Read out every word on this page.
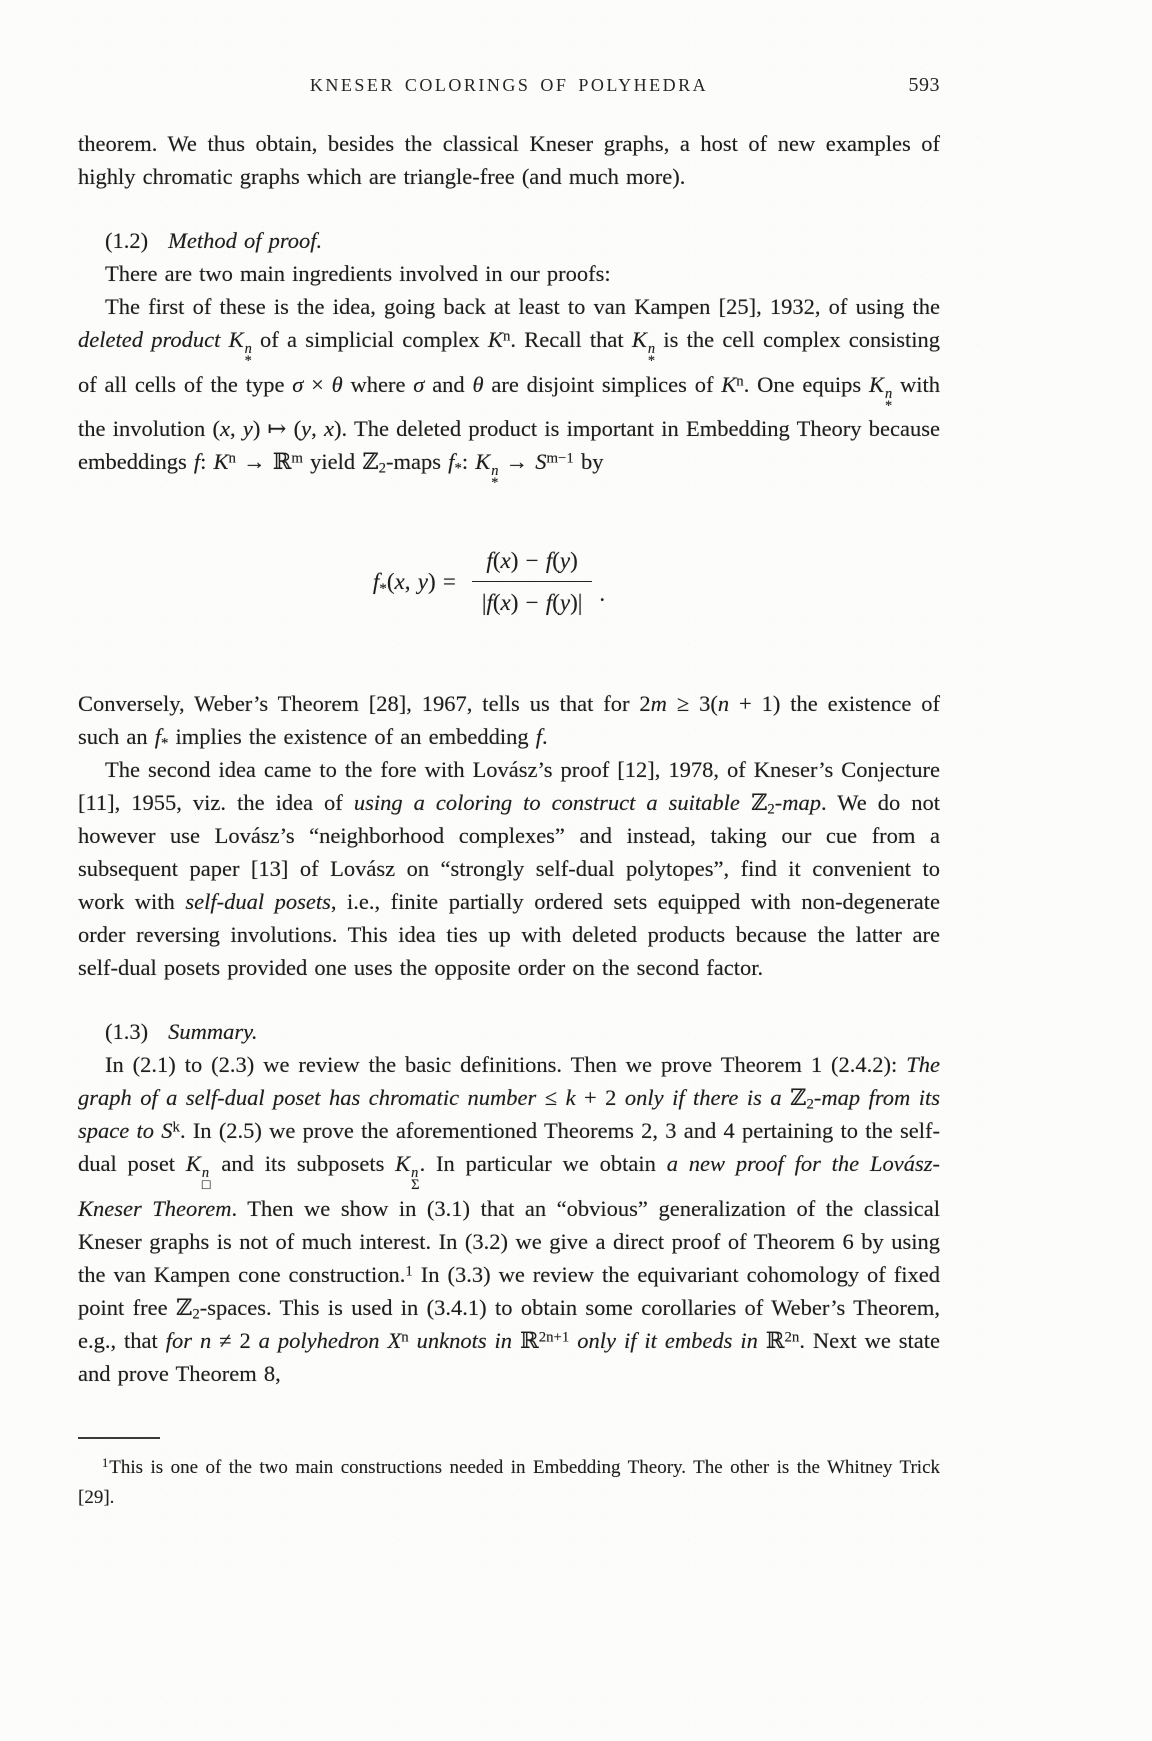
KNESER COLORINGS OF POLYHEDRA	593

theorem. We thus obtain, besides the classical Kneser graphs, a host of new examples of highly chromatic graphs which are triangle-free (and much more).

(1.2) Method of proof.

There are two main ingredients involved in our proofs:

The first of these is the idea, going back at least to van Kampen [25], 1932, of using the deleted product K n
*
of a simplicial complex $K^n$. Recall that K n
*
is the cell complex consisting of all cells of the type σ × θ where σ and θ are disjoint simplices of $K^n$. One equips K n
*
with the involution (x, y) ↦ (y, x). The deleted product is important in Embedding Theory because embeddings f: $K^n$ → ℝ$^m$ yield ℤ$_2$-maps $f_*$: K n
*
→ $S^{m-1}$ by

$f_*(x$, $y) = \frac{f(x) - f(y)}{|f(x) - f(y)|}$ .

Conversely, Weber’s Theorem [28], 1967, tells us that for 2m ≥ 3(n + 1) the existence of such an $f_*$ implies the existence of an embedding f.

The second idea came to the fore with Lovász’s proof [12], 1978, of Kneser’s Conjecture [11], 1955, viz. the idea of using a coloring to construct a suitable ℤ$_2$-map. We do not however use Lovász’s “neighborhood complexes” and instead, taking our cue from a subsequent paper [13] of Lovász on “strongly self-dual polytopes”, find it convenient to work with self-dual posets, i.e., finite partially ordered sets equipped with non-degenerate order reversing involutions. This idea ties up with deleted products because the latter are self-dual posets provided one uses the opposite order on the second factor.

(1.3) Summary.

In (2.1) to (2.3) we review the basic definitions. Then we prove Theorem 1 (2.4.2): The graph of a self-dual poset has chromatic number ≤ k + 2 only if there is a ℤ$_2$-map from its space to $S^k$. In (2.5) we prove the aforementioned Theorems 2, 3 and 4 pertaining to the self-dual poset K n
□
and its subposets K n
Σ
. In particular we obtain a new proof for the Lovász-Kneser Theorem. Then we show in (3.1) that an “obvious” generalization of the classical Kneser graphs is not of much interest. In (3.2) we give a direct proof of Theorem 6 by using the van Kampen cone construction.$^1$ In (3.3) we review the equivariant cohomology of fixed point free ℤ$_2$-spaces. This is used in (3.4.1) to obtain some corollaries of Weber’s Theorem, e.g., that for n ≠ 2 a polyhedron $X^n$ unknots in ℝ$^{2n+1}$ only if it embeds in ℝ$^{2n}$. Next we state and prove Theorem 8,

$^1$This is one of the two main constructions needed in Embedding Theory. The other is the Whitney Trick [29].
